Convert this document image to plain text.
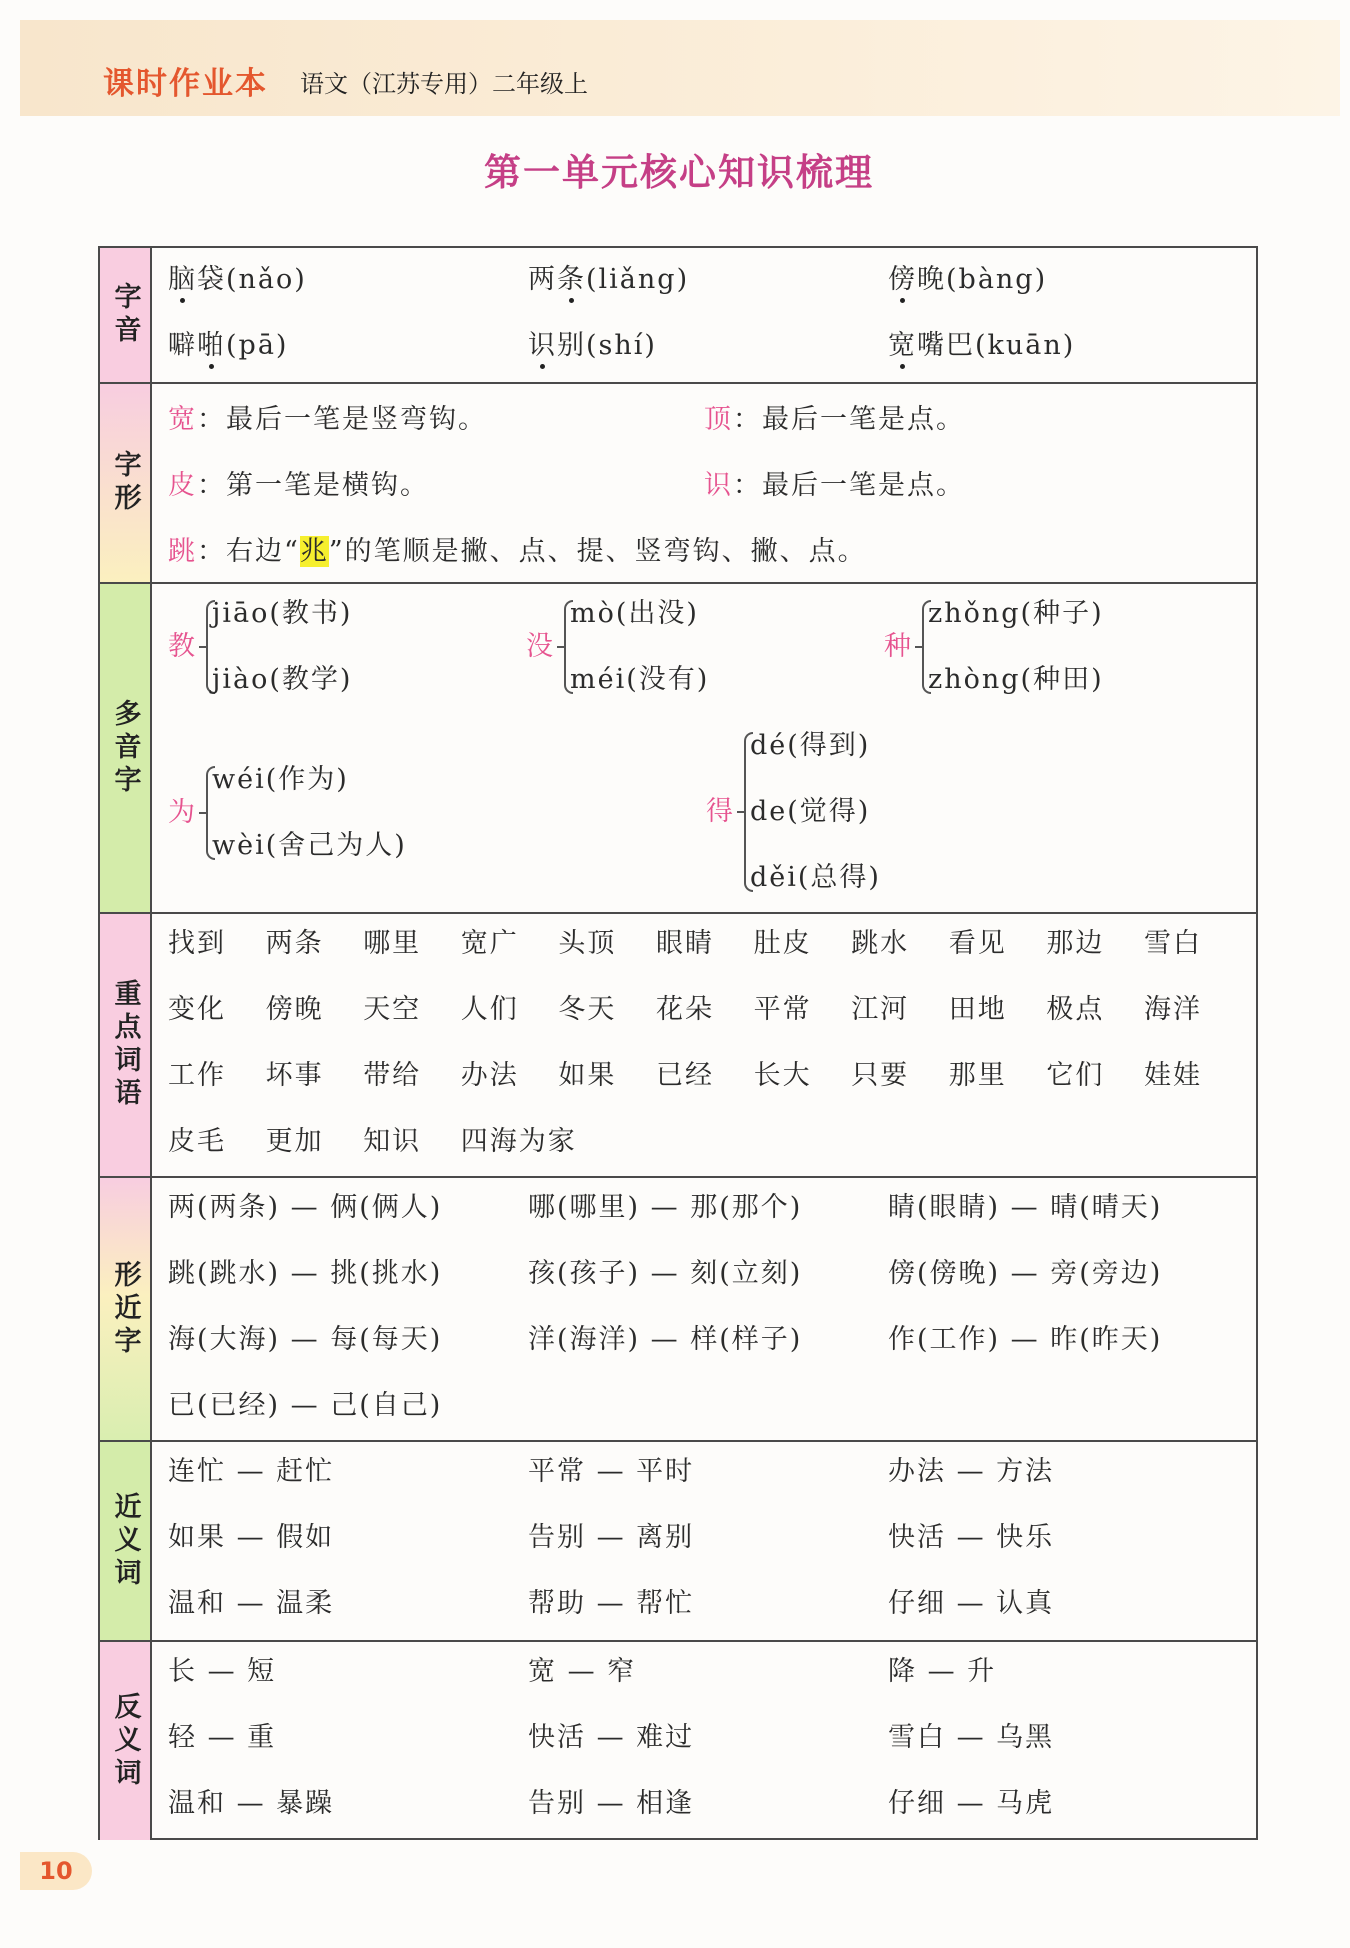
课时作业本 语文（江苏专用）二年级上
第一单元核心知识梳理
字音
脑袋(nǎo)	两条(liǎng)	傍晚(bàng)
噼啪(pā)	识别(shí)	宽嘴巴(kuān)
字形
宽：最后一笔是竖弯钩。	顶：最后一笔是点。
皮：第一笔是横钩。	识：最后一笔是点。
跳：右边“兆”的笔顺是撇、点、提、竖弯钩、撇、点。
多音字
教
jiāo(教书)
jiào(教学)
没
mò(出没)
méi(没有)
种
zhǒng(种子)
zhòng(种田)
为
wéi(作为)
wèi(舍己为人)
得
dé(得到)
de(觉得)
děi(总得)
重点词语
找到 两条 哪里 宽广 头顶 眼睛 肚皮 跳水 看见 那边 雪白
变化 傍晚 天空 人们 冬天 花朵 平常 江河 田地 极点 海洋
工作 坏事 带给 办法 如果 已经 长大 只要 那里 它们 娃娃
皮毛 更加 知识 四海为家
形近字
两(两条) — 俩(俩人)	哪(哪里) — 那(那个)	睛(眼睛) — 晴(晴天)
跳(跳水) — 挑(挑水)	孩(孩子) — 刻(立刻)	傍(傍晚) — 旁(旁边)
海(大海) — 每(每天)	洋(海洋) — 样(样子)	作(工作) — 昨(昨天)
已(已经) — 己(自己)
近义词
连忙 — 赶忙	平常 — 平时	办法 — 方法
如果 — 假如	告别 — 离别	快活 — 快乐
温和 — 温柔	帮助 — 帮忙	仔细 — 认真
反义词
长 — 短	宽 — 窄	降 — 升
轻 — 重	快活 — 难过	雪白 — 乌黑
温和 — 暴躁	告别 — 相逢	仔细 — 马虎
10
